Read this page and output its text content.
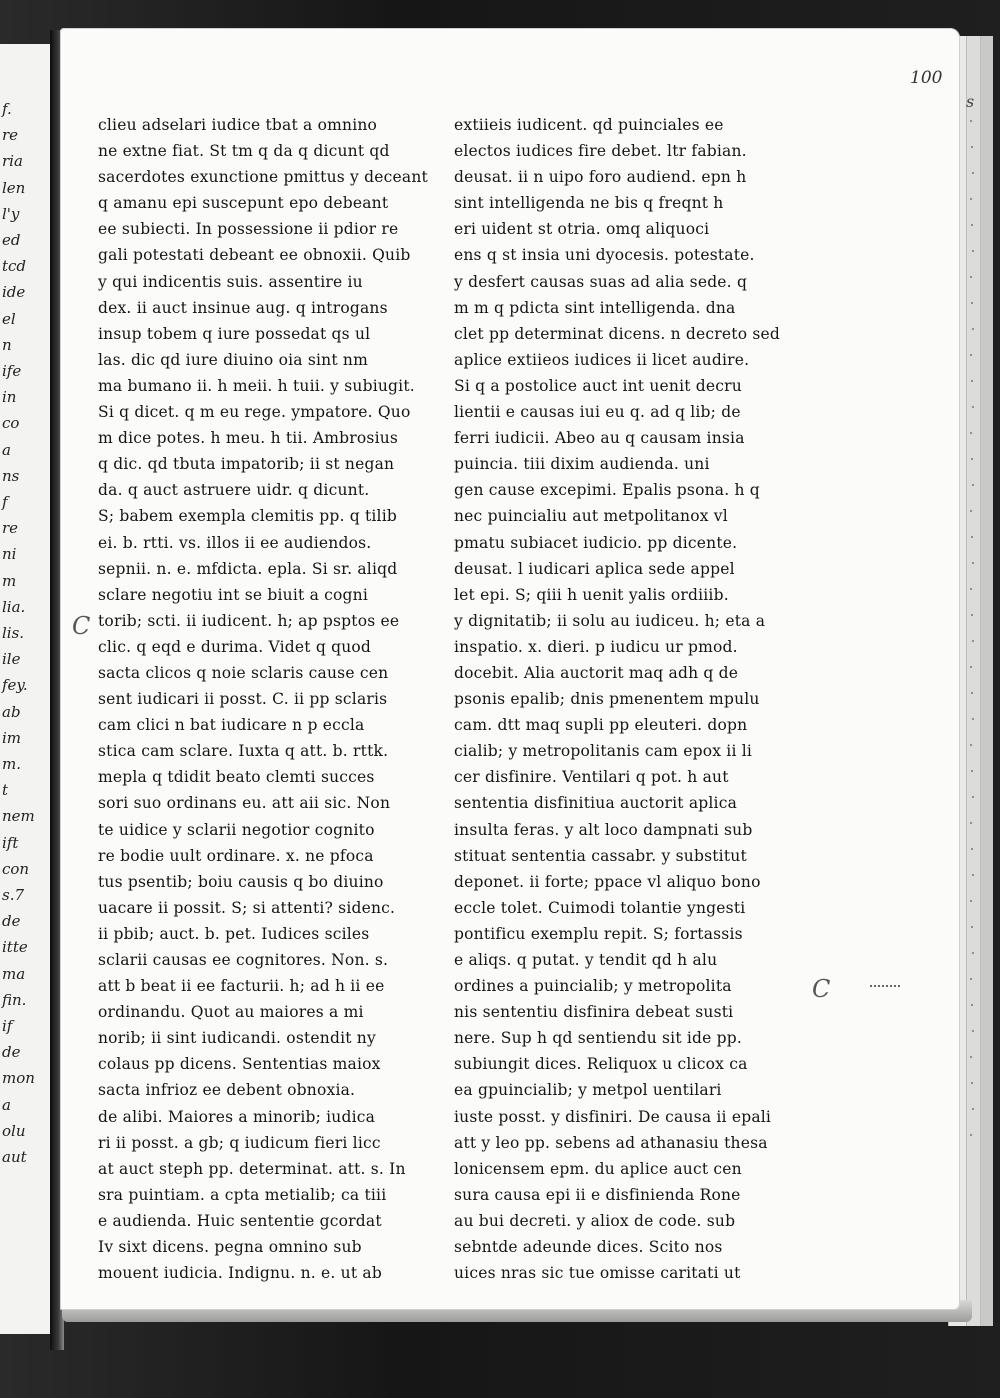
f.
re
ria
len
l'y
ed
tcd
ide
el
n
ife
in
co
a
ns
f
re
ni
m
lia.
lis.
ile
fey.
ab
im
m.
t
nem
ift
con
s.7
de
itte
ma
fin.
if
de
mon
a
olu
aut
100
s
clieu adselari iudice tbat a omnino
ne extne fiat. St tm q da q dicunt qd
sacerdotes exunctione pmittus y deceant
q amanu epi suscepunt epo debeant
ee subiecti. In possessione ii pdior re
gali potestati debeant ee obnoxii. Quib
y qui indicentis suis. assentire iu
dex. ii auct insinue aug. q introgans
insup tobem q iure possedat qs ul
las. dic qd iure diuino oia sint nm
ma bumano ii. h meii. h tuii. y subiugit.
Si q dicet. q m eu rege. ympatore. Quo
m dice potes. h meu. h tii. Ambrosius
q dic. qd tbuta impatorib; ii st negan
da. q auct astruere uidr. q dicunt.
S; babem exempla clemitis pp. q tilib
ei. b. rtti. vs. illos ii ee audiendos.
sepnii. n. e. mfdicta. epla. Si sr. aliqd
sclare negotiu int se biuit a cogni
torib; scti. ii iudicent. h; ap psptos ee
clic. q eqd e durima. Videt q quod
sacta clicos q noie sclaris cause cen
sent iudicari ii posst. C. ii pp sclaris
cam clici n bat iudicare n p eccla
stica cam sclare. Iuxta q att. b. rttk.
mepla q tdidit beato clemti succes
sori suo ordinans eu. att aii sic. Non
te uidice y sclarii negotior cognito
re bodie uult ordinare. x. ne pfoca
tus psentib; boiu causis q bo diuino
uacare ii possit. S; si attenti? sidenc.
ii pbib; auct. b. pet. Iudices sciles
sclarii causas ee cognitores. Non. s.
att b beat ii ee facturii. h; ad h ii ee
ordinandu. Quot au maiores a mi
norib; ii sint iudicandi. ostendit ny
colaus pp dicens. Sententias maiox
sacta infrioz ee debent obnoxia.
de alibi. Maiores a minorib; iudica
ri ii posst. a gb; q iudicum fieri licc
at auct steph pp. determinat. att. s. In
sra puintiam. a cpta metialib; ca tiii
e audienda. Huic sententie gcordat
Iv sixt dicens. pegna omnino sub
mouent iudicia. Indignu. n. e. ut ab
extiieis iudicent. qd puinciales ee
electos iudices fire debet. ltr fabian.
deusat. ii n uipo foro audiend. epn h
sint intelligenda ne bis q freqnt h
eri uident st otria. omq aliquoci
ens q st insia uni dyocesis. potestate.
y desfert causas suas ad alia sede. q
m m q pdicta sint intelligenda. dna
clet pp determinat dicens. n decreto sed
aplice extiieos iudices ii licet audire.
Si q a postolice auct int uenit decru
lientii e causas iui eu q. ad q lib; de
ferri iudicii. Abeo au q causam insia
puincia. tiii dixim audienda. uni
gen cause excepimi. Epalis psona. h q
nec puincialiu aut metpolitanox vl
pmatu subiacet iudicio. pp dicente.
deusat. l iudicari aplica sede appel
let epi. S; qiii h uenit yalis ordiiib.
y dignitatib; ii solu au iudiceu. h; eta a
inspatio. x. dieri. p iudicu ur pmod.
docebit. Alia auctorit maq adh q de
psonis epalib; dnis pmenentem mpulu
cam. dtt maq supli pp eleuteri. dopn
cialib; y metropolitanis cam epox ii li
cer disfinire. Ventilari q pot. h aut
sententia disfinitiua auctorit aplica
insulta feras. y alt loco dampnati sub
stituat sententia cassabr. y substitut
deponet. ii forte; ppace vl aliquo bono
eccle tolet. Cuimodi tolantie yngesti
pontificu exemplu repit. S; fortassis
e aliqs. q putat. y tendit qd h alu
ordines a puincialib; y metropolita
nis sententiu disfinira debeat susti
nere. Sup h qd sentiendu sit ide pp.
subiungit dices. Reliquox u clicox ca
ea gpuincialib; y metpol uentilari
iuste posst. y disfiniri. De causa ii epali
att y leo pp. sebens ad athanasiu thesa
lonicensem epm. du aplice auct cen
sura causa epi ii e disfinienda Rone
au bui decreti. y aliox de code. sub
sebntde adeunde dices. Scito nos
uices nras sic tue omisse caritati ut
C
C
